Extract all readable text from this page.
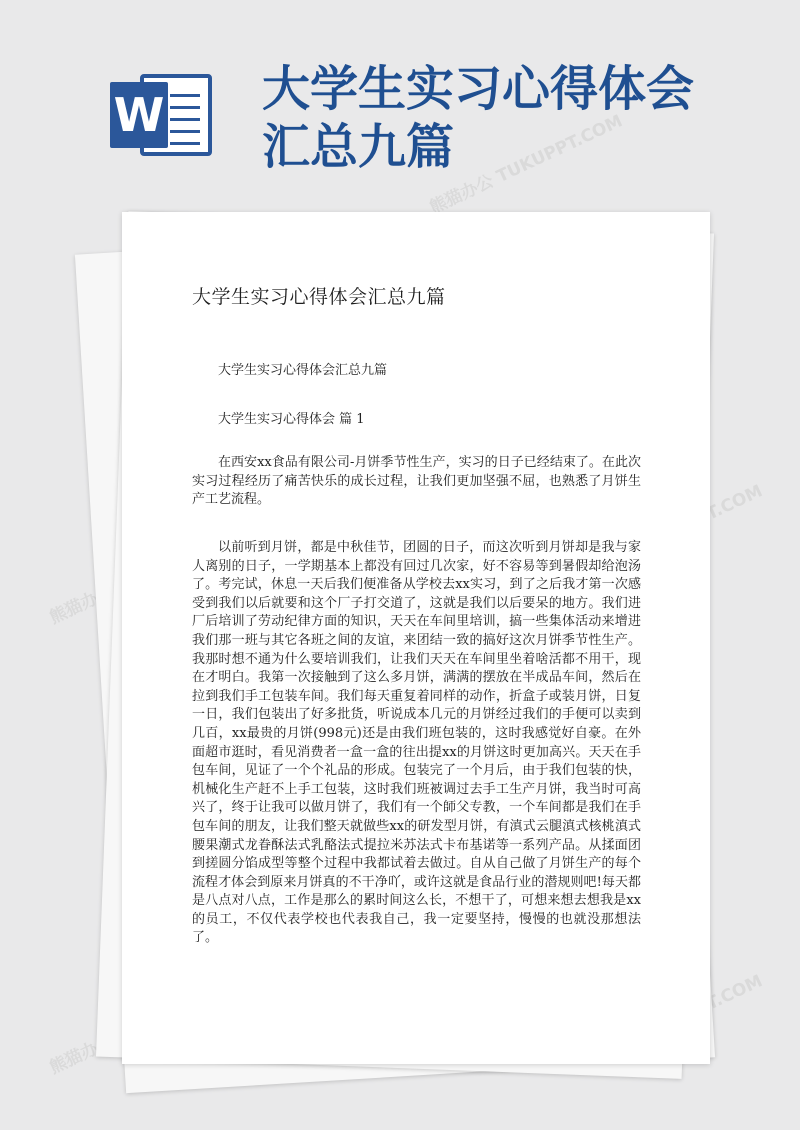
W 大学生实习心得体会汇总九篇
熊猫办公 TUKUPPT.COM
熊猫办公
熊猫办公
大学生实习心得体会汇总九篇

大学生实习心得体会汇总九篇

大学生实习心得体会 篇 1

在西安xx食品有限公司-月饼季节性生产，实习的日子已经结束了。在此次实习过程经历了痛苦快乐的成长过程，让我们更加坚强不屈，也熟悉了月饼生产工艺流程。

以前听到月饼，都是中秋佳节，团圆的日子，而这次听到月饼却是我与家人离别的日子，一学期基本上都没有回过几次家，好不容易等到暑假却给泡汤了。考完试，休息一天后我们便准备从学校去xx实习，到了之后我才第一次感受到我们以后就要和这个厂子打交道了，这就是我们以后要呆的地方。我们进厂后培训了劳动纪律方面的知识，天天在车间里培训，搞一些集体活动来增进我们那一班与其它各班之间的友谊，来团结一致的搞好这次月饼季节性生产。我那时想不通为什么要培训我们，让我们天天在车间里坐着啥活都不用干，现在才明白。我第一次接触到了这么多月饼，满满的摆放在半成品车间，然后在拉到我们手工包装车间。我们每天重复着同样的动作，折盒子或装月饼，日复一日，我们包装出了好多批货，听说成本几元的月饼经过我们的手便可以卖到几百，xx最贵的月饼(998元)还是由我们班包装的，这时我感觉好自豪。在外面超市逛时，看见消费者一盒一盒的往出提xx的月饼这时更加高兴。天天在手包车间，见证了一个个礼品的形成。包装完了一个月后，由于我们包装的快，机械化生产赶不上手工包装，这时我们班被调过去手工生产月饼，我当时可高兴了，终于让我可以做月饼了，我们有一个師父专教，一个车间都是我们在手包车间的朋友，让我们整天就做些xx的研发型月饼，有滇式云腿滇式核桃滇式腰果潮式龙眷酥法式乳酪法式提拉米苏法式卡布基诺等一系列产品。从揉面团到搓圆分馅成型等整个过程中我都试着去做过。自从自己做了月饼生产的每个流程才体会到原来月饼真的不干净吖，或许这就是食品行业的潜规则吧!每天都是八点对八点，工作是那么的累时间这么长，不想干了，可想来想去想我是xx的员工，不仅代表学校也代表我自己，我一定要坚持，慢慢的也就没那想法了。
